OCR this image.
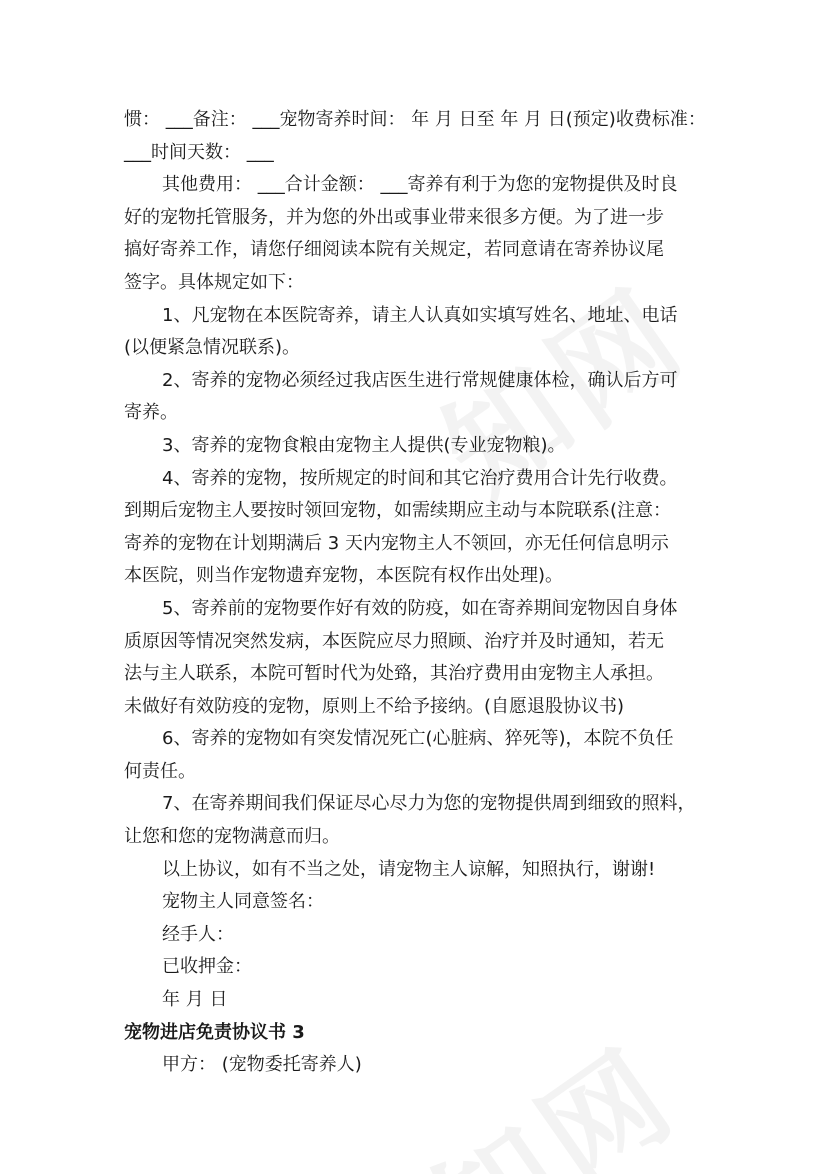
惯： ___备注： ___宠物寄养时间： 年 月 日至 年 月 日(预定)收费标准：
___时间天数： ___
其他费用： ___合计金额： ___寄养有利于为您的宠物提供及时良
好的宠物托管服务，并为您的外出或事业带来很多方便。为了进一步
搞好寄养工作，请您仔细阅读本院有关规定，若同意请在寄养协议尾
签字。具体规定如下：
1、凡宠物在本医院寄养，请主人认真如实填写姓名、地址、电话
(以便紧急情况联系)。
2、寄养的宠物必须经过我店医生进行常规健康体检，确认后方可
寄养。
3、寄养的宠物食粮由宠物主人提供(专业宠物粮)。
4、寄养的宠物，按所规定的时间和其它治疗费用合计先行收费。
到期后宠物主人要按时领回宠物，如需续期应主动与本院联系(注意：
寄养的宠物在计划期满后 3 天内宠物主人不领回，亦无任何信息明示
本医院，则当作宠物遗弃宠物，本医院有权作出处理)。
5、寄养前的宠物要作好有效的防疫，如在寄养期间宠物因自身体
质原因等情况突然发病，本医院应尽力照顾、治疗并及时通知，若无
法与主人联系，本院可暂时代为处臵，其治疗费用由宠物主人承担。
未做好有效防疫的宠物，原则上不给予接纳。(自愿退股协议书)
6、寄养的宠物如有突发情况死亡(心脏病、猝死等)，本院不负任
何责任。
7、在寄养期间我们保证尽心尽力为您的宠物提供周到细致的照料，
让您和您的宠物满意而归。
以上协议，如有不当之处，请宠物主人谅解，知照执行，谢谢!
宠物主人同意签名：
经手人：
已收押金：
年 月 日
宠物进店免责协议书 3
甲方： (宠物委托寄养人)
